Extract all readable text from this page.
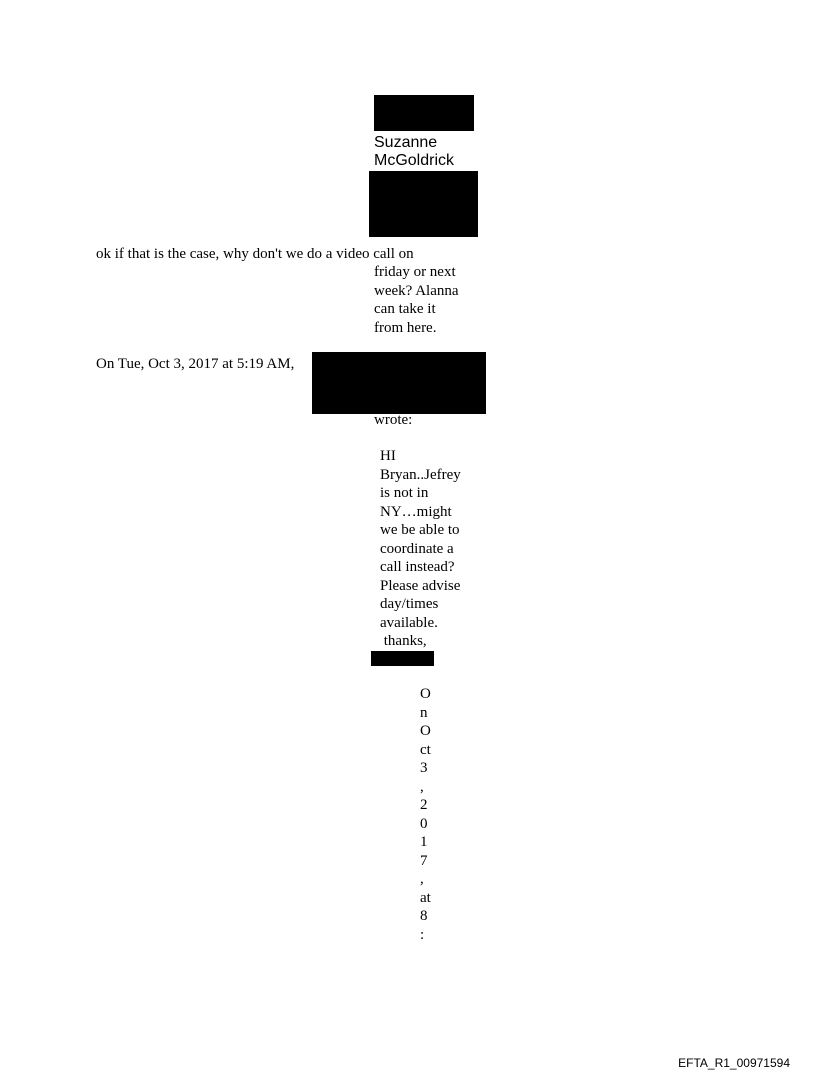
,
Suzanne
McGoldrick
ok if that is the case, why don't we do a video call on
friday or next
week? Alanna
can take it
from here.
On Tue, Oct 3, 2017 at 5:19 AM,
wrote:
HI
Bryan..Jefrey
is not in
NY…might
we be able to
coordinate a
call instead?
Please advise
day/times
available.
thanks,
O
n
O
ct
3
,
2
0
1
7
,
at
8
:
EFTA_R1_00971594
